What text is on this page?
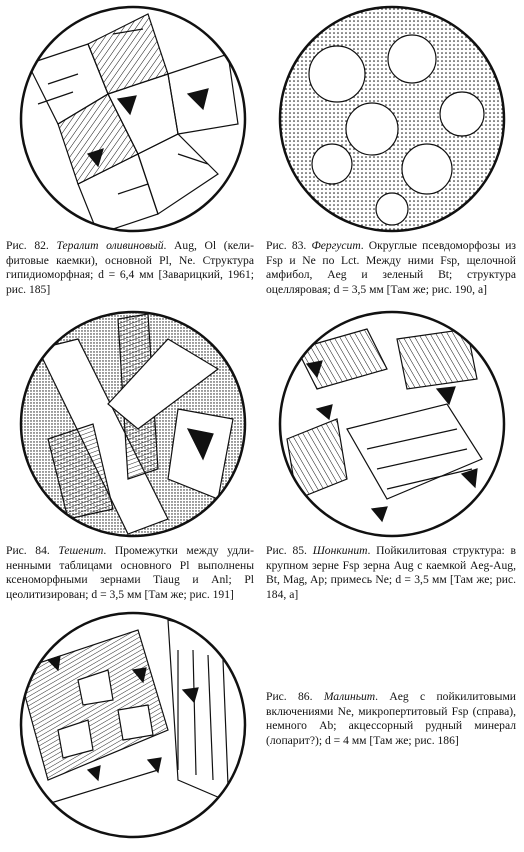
Рис. 82. Тералит оливиновый. Aug, Ol (келифитовые каемки), основной Pl, Ne. Структура гипидиоморфная; d = 6,4 мм [Заварицкий, 1961; рис. 185]
Рис. 83. Фергусит. Округлые псевдоморфозы из Fsp и Ne по Lct. Между ними Fsp, щелочной амфибол, Aeg и зеленый Bt; структура оцелляровая; d = 3,5 мм [Там же; рис. 190, а]
Рис. 84. Тешенит. Промежутки между удлиненными таблицами основного Pl выполнены ксеноморфными зернами Tiaug и Anl; Pl цеолитизирован; d = 3,5 мм [Там же; рис. 191]
Рис. 85. Шонкинит. Пойкилитовая структура: в крупном зерне Fsp зерна Aug с каемкой Aeg-Aug, Bt, Mag, Ap; примесь Ne; d = 3,5 мм [Там же; рис. 184, а]
Рис. 86. Малиньит. Aeg с пойкилитовыми включениями Ne, микропертитовый Fsp (справа), немного Ab; акцессорный рудный минерал (лопарит?); d = 4 мм [Там же; рис. 186]
